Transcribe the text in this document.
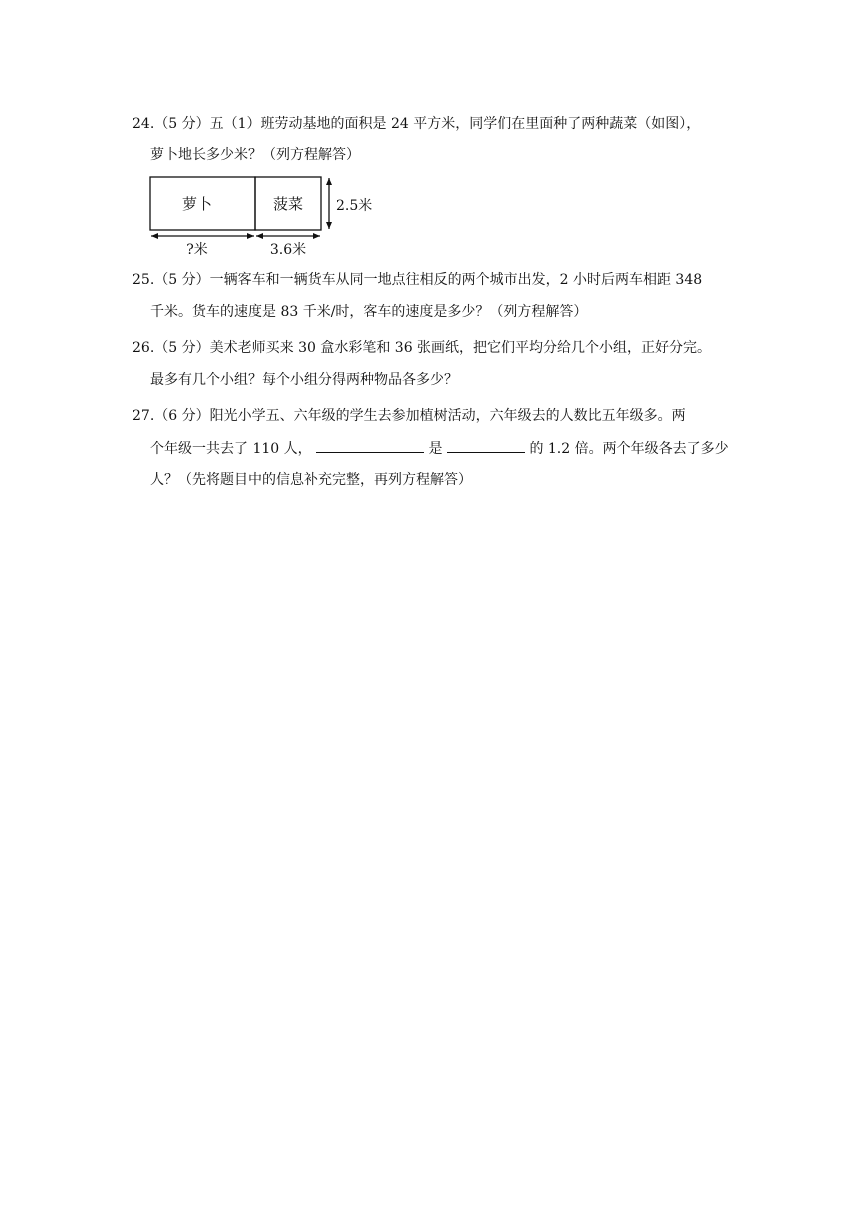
24.（5 分）五（1）班劳动基地的面积是 24 平方米，同学们在里面种了两种蔬菜（如图），
萝卜地长多少米？（列方程解答）
萝卜	菠菜 2.5米
?米	3.6米
25.（5 分）一辆客车和一辆货车从同一地点往相反的两个城市出发，2 小时后两车相距 348
千米。货车的速度是 83 千米/时，客车的速度是多少？（列方程解答）
26.（5 分）美术老师买来 30 盒水彩笔和 36 张画纸，把它们平均分给几个小组，正好分完。
最多有几个小组？每个小组分得两种物品各多少？
27.（6 分）阳光小学五、六年级的学生去参加植树活动，六年级去的人数比五年级多。两
个年级一共去了 110 人，	是	的 1.2 倍。两个年级各去了多少
人？（先将题目中的信息补充完整，再列方程解答）
